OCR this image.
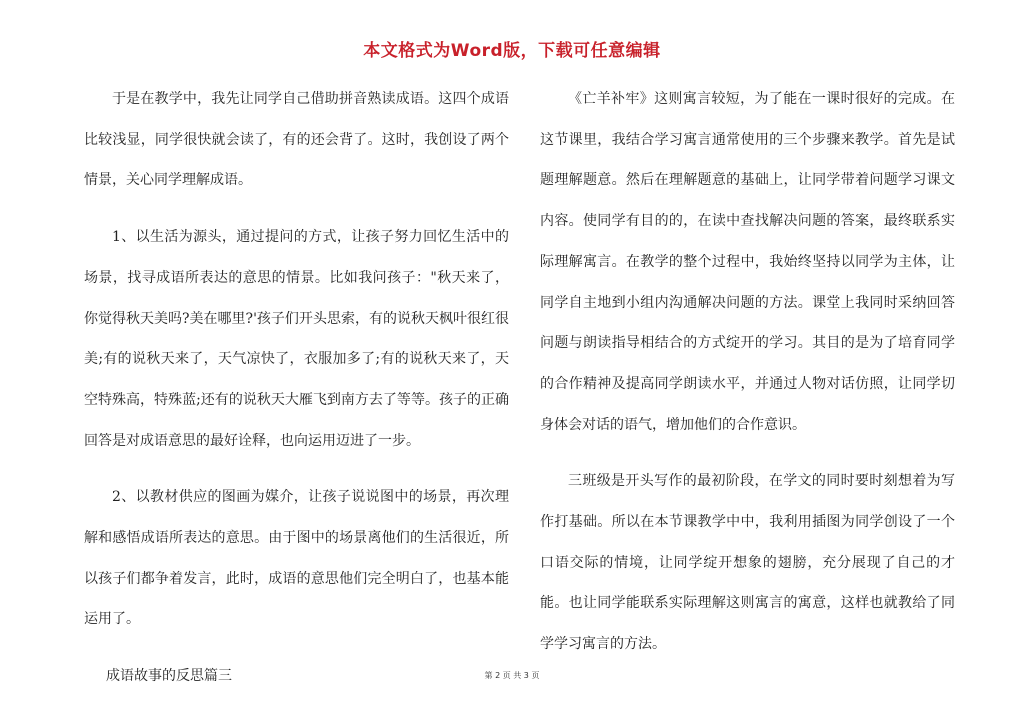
本文格式为Word版，下载可任意编辑

于是在教学中，我先让同学自己借助拼音熟读成语。这四个成语比较浅显，同学很快就会读了，有的还会背了。这时，我创设了两个情景，关心同学理解成语。

1、以生活为源头，通过提问的方式，让孩子努力回忆生活中的场景，找寻成语所表达的意思的情景。比如我问孩子："秋天来了，你觉得秋天美吗?美在哪里?'孩子们开头思索，有的说秋天枫叶很红很美;有的说秋天来了，天气凉快了，衣服加多了;有的说秋天来了，天空特殊高，特殊蓝;还有的说秋天大雁飞到南方去了等等。孩子的正确回答是对成语意思的最好诠释，也向运用迈进了一步。

2、以教材供应的图画为媒介，让孩子说说图中的场景，再次理解和感悟成语所表达的意思。由于图中的场景离他们的生活很近，所以孩子们都争着发言，此时，成语的意思他们完全明白了，也基本能运用了。

成语故事的反思篇三

《亡羊补牢》这则寓言较短，为了能在一课时很好的完成。在这节课里，我结合学习寓言通常使用的三个步骤来教学。首先是试题理解题意。然后在理解题意的基础上，让同学带着问题学习课文内容。使同学有目的的，在读中查找解决问题的答案，最终联系实际理解寓言。在教学的整个过程中，我始终坚持以同学为主体，让同学自主地到小组内沟通解决问题的方法。课堂上我同时采纳回答问题与朗读指导相结合的方式绽开的学习。其目的是为了培育同学的合作精神及提高同学朗读水平，并通过人物对话仿照，让同学切身体会对话的语气，增加他们的合作意识。

三班级是开头写作的最初阶段，在学文的同时要时刻想着为写作打基础。所以在本节课教学中中，我利用插图为同学创设了一个口语交际的情境，让同学绽开想象的翅膀，充分展现了自己的才能。也让同学能联系实际理解这则寓言的寓意，这样也就教给了同学学习寓言的方法。

第 2 页 共 3 页
